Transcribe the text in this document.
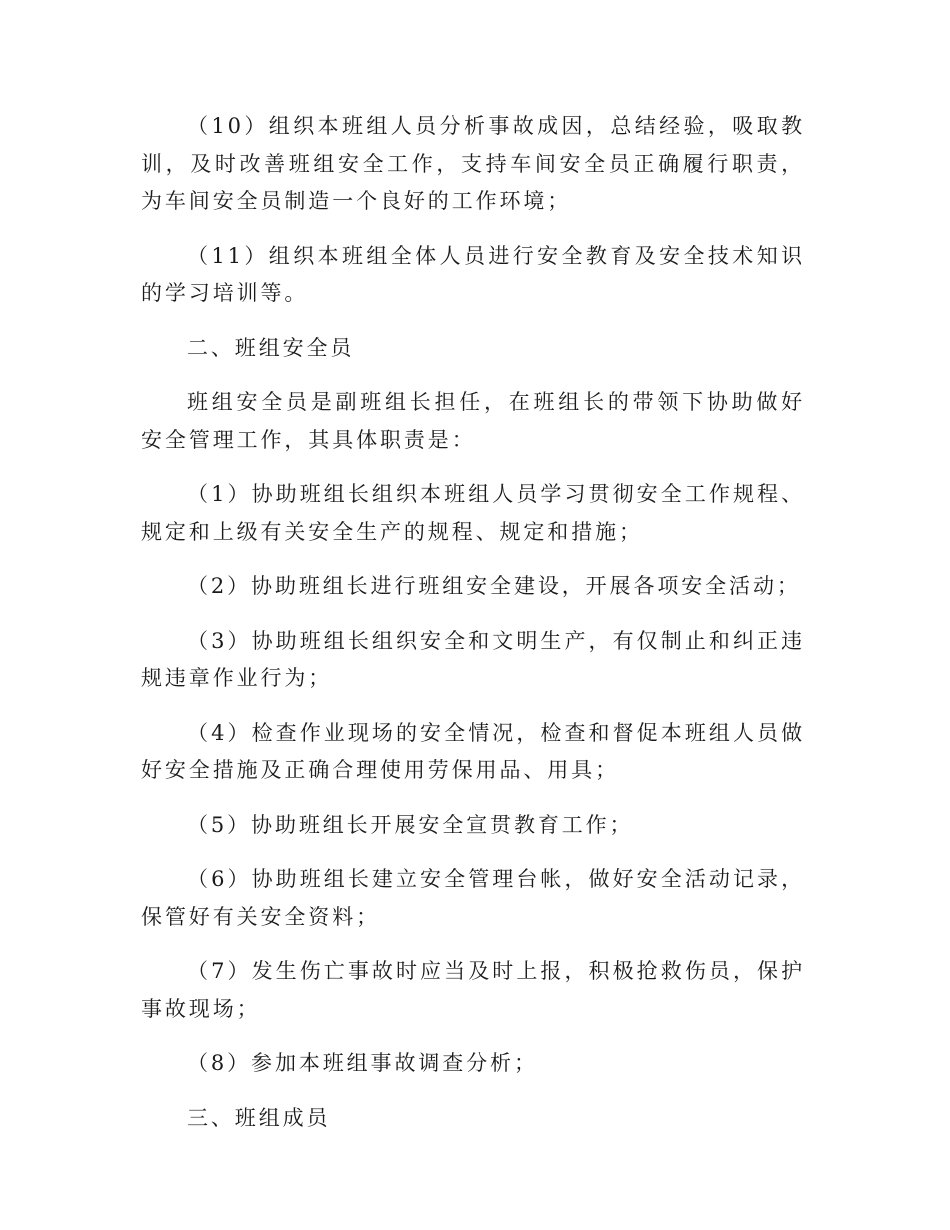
（10）组织本班组人员分析事故成因，总结经验，吸取教训，及时改善班组安全工作，支持车间安全员正确履行职责，为车间安全员制造一个良好的工作环境；

（11）组织本班组全体人员进行安全教育及安全技术知识的学习培训等。

二、班组安全员

班组安全员是副班组长担任，在班组长的带领下协助做好安全管理工作，其具体职责是：

（1）协助班组长组织本班组人员学习贯彻安全工作规程、规定和上级有关安全生产的规程、规定和措施；

（2）协助班组长进行班组安全建设，开展各项安全活动；

（3）协助班组长组织安全和文明生产，有仅制止和纠正违规违章作业行为；

（4）检查作业现场的安全情况，检查和督促本班组人员做好安全措施及正确合理使用劳保用品、用具；

（5）协助班组长开展安全宣贯教育工作；

（6）协助班组长建立安全管理台帐，做好安全活动记录，保管好有关安全资料；

（7）发生伤亡事故时应当及时上报，积极抢救伤员，保护事故现场；

（8）参加本班组事故调查分析；

三、班组成员
